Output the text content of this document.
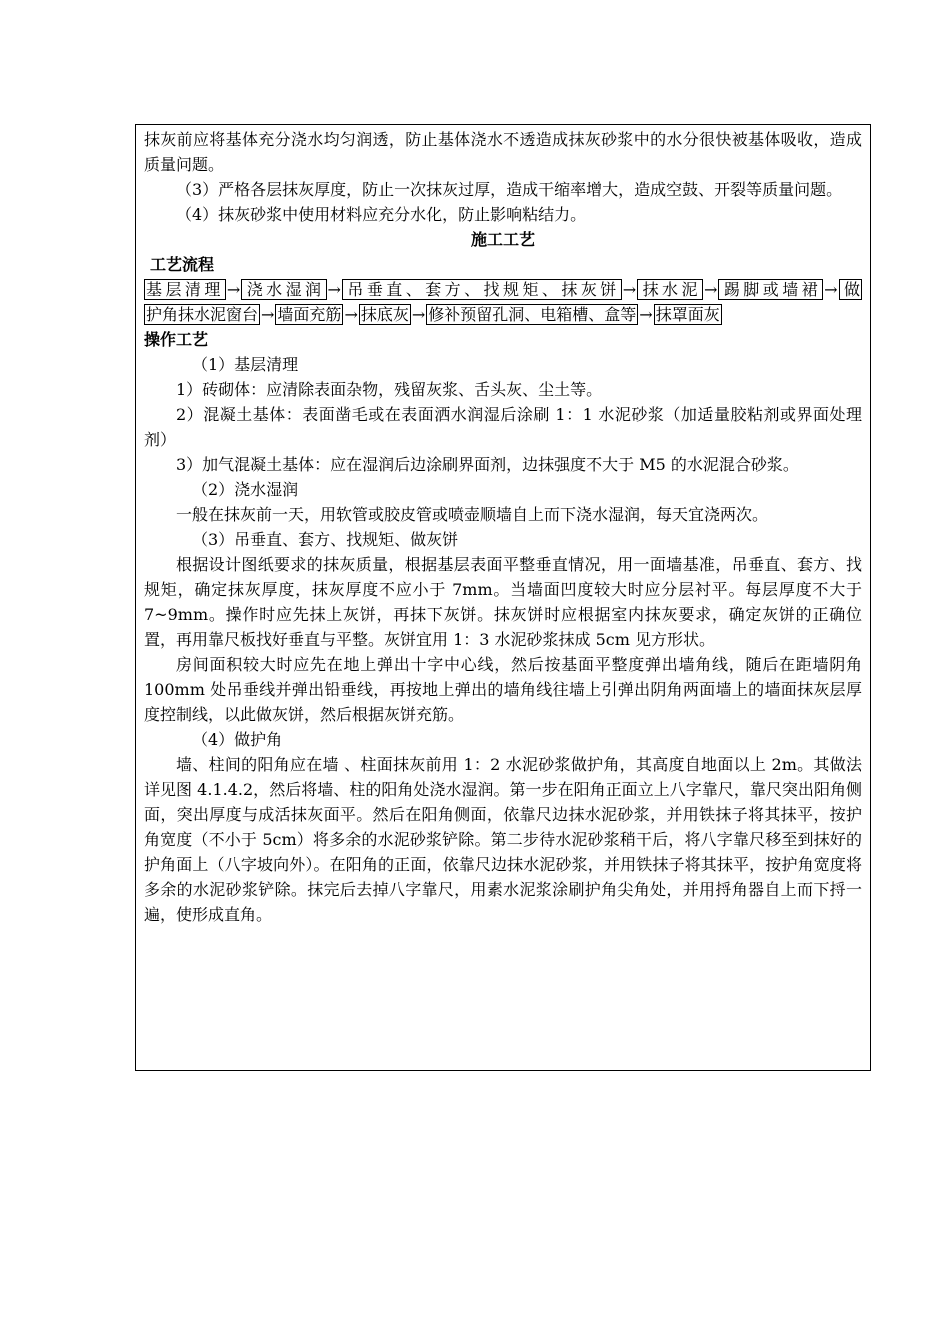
抹灰前应将基体充分浇水均匀润透，防止基体浇水不透造成抹灰砂浆中的水分很快被基体吸收，造成质量问题。

（3）严格各层抹灰厚度，防止一次抹灰过厚，造成干缩率增大，造成空鼓、开裂等质量问题。

（4）抹灰砂浆中使用材料应充分水化，防止影响粘结力。

施工工艺

工艺流程

基层清理 → 浇水湿润 → 吊垂直、套方、找规矩、抹灰饼 → 抹水泥 → 踢脚或墙裙 → 做
护角抹水泥窗台 → 墙面充筋 → 抹底灰 → 修补预留孔洞、电箱槽、盒等 → 抹罩面灰

操作工艺

（1）基层清理

1）砖砌体：应清除表面杂物，残留灰浆、舌头灰、尘土等。

2）混凝土基体：表面凿毛或在表面洒水润湿后涂刷 1：1 水泥砂浆（加适量胶粘剂或界面处理剂）

3）加气混凝土基体：应在湿润后边涂刷界面剂，边抹强度不大于 M5 的水泥混合砂浆。

（2）浇水湿润

一般在抹灰前一天，用软管或胶皮管或喷壶顺墙自上而下浇水湿润，每天宜浇两次。

（3）吊垂直、套方、找规矩、做灰饼

根据设计图纸要求的抹灰质量，根据基层表面平整垂直情况，用一面墙基准，吊垂直、套方、找规矩，确定抹灰厚度，抹灰厚度不应小于 7mm。当墙面凹度较大时应分层衬平。每层厚度不大于 7~9mm。操作时应先抹上灰饼，再抹下灰饼。抹灰饼时应根据室内抹灰要求，确定灰饼的正确位置，再用靠尺板找好垂直与平整。灰饼宜用 1：3 水泥砂浆抹成 5cm 见方形状。

房间面积较大时应先在地上弹出十字中心线，然后按基面平整度弹出墙角线，随后在距墙阴角 100mm 处吊垂线并弹出铅垂线，再按地上弹出的墙角线往墙上引弹出阴角两面墙上的墙面抹灰层厚度控制线，以此做灰饼，然后根据灰饼充筋。

（4）做护角

墙、柱间的阳角应在墙 、柱面抹灰前用 1：2 水泥砂浆做护角，其高度自地面以上 2m。其做法详见图 4.1.4.2，然后将墙、柱的阳角处浇水湿润。第一步在阳角正面立上八字靠尺，靠尺突出阳角侧面，突出厚度与成活抹灰面平。然后在阳角侧面，依靠尺边抹水泥砂浆，并用铁抹子将其抹平，按护角宽度（不小于 5cm）将多余的水泥砂浆铲除。第二步待水泥砂浆稍干后，将八字靠尺移至到抹好的护角面上（八字坡向外）。在阳角的正面，依靠尺边抹水泥砂浆，并用铁抹子将其抹平，按护角宽度将多余的水泥砂浆铲除。抹完后去掉八字靠尺，用素水泥浆涂刷护角尖角处，并用捋角器自上而下捋一遍，使形成直角。
